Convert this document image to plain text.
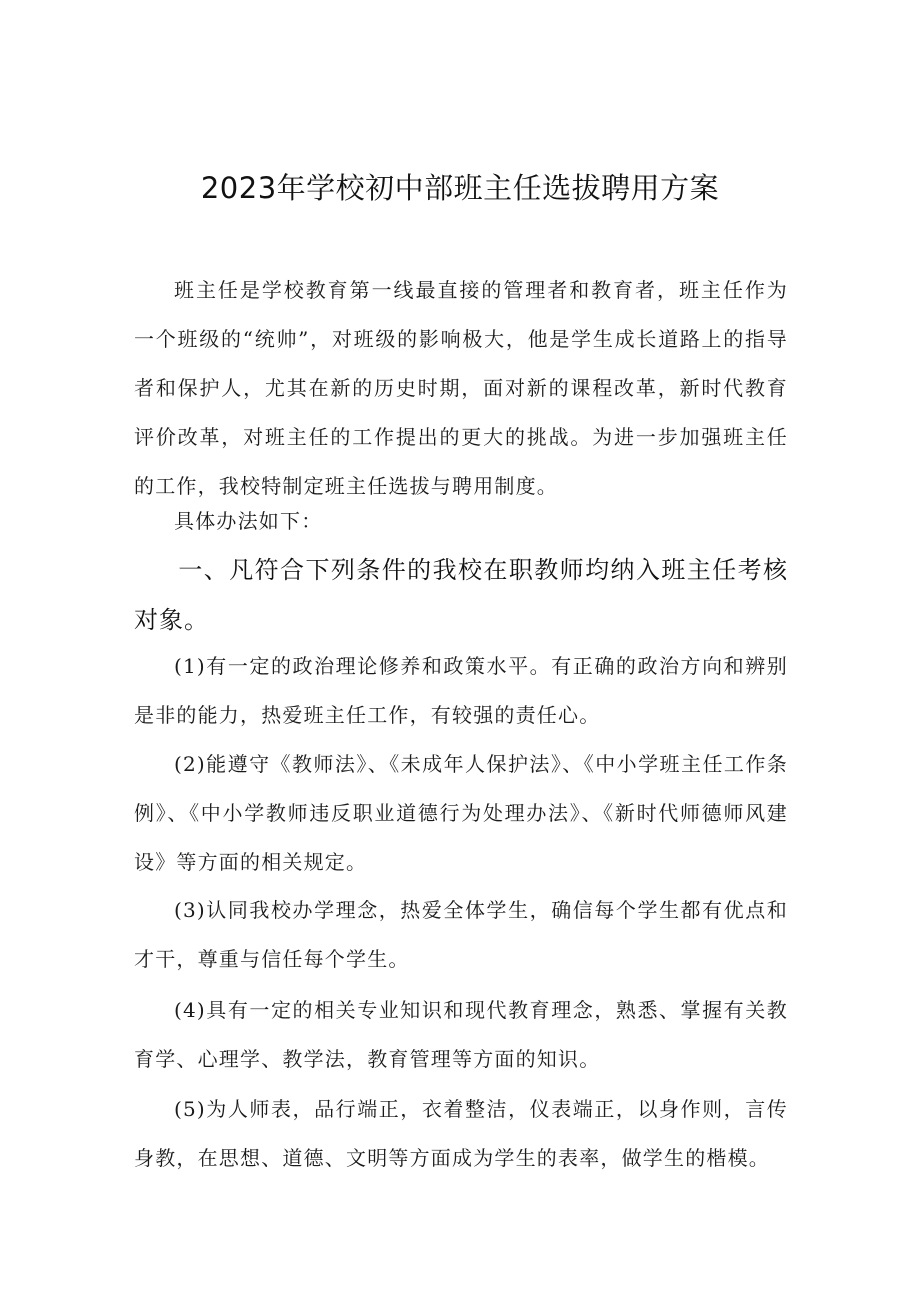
2023年学校初中部班主任选拔聘用方案

班主任是学校教育第一线最直接的管理者和教育者，班主任作为一个班级的“统帅”，对班级的影响极大，他是学生成长道路上的指导者和保护人，尤其在新的历史时期，面对新的课程改革，新时代教育评价改革，对班主任的工作提出的更大的挑战。为进一步加强班主任的工作，我校特制定班主任选拔与聘用制度。

具体办法如下：

一、凡符合下列条件的我校在职教师均纳入班主任考核对象。

(1)有一定的政治理论修养和政策水平。有正确的政治方向和辨别是非的能力，热爱班主任工作，有较强的责任心。

(2)能遵守《教师法》、《未成年人保护法》、《中小学班主任工作条例》、《中小学教师违反职业道德行为处理办法》、《新时代师德师风建设》等方面的相关规定。

(3)认同我校办学理念，热爱全体学生，确信每个学生都有优点和才干，尊重与信任每个学生。

(4)具有一定的相关专业知识和现代教育理念，熟悉、掌握有关教育学、心理学、教学法，教育管理等方面的知识。

(5)为人师表，品行端正，衣着整洁，仪表端正，以身作则，言传身教，在思想、道德、文明等方面成为学生的表率，做学生的楷模。
